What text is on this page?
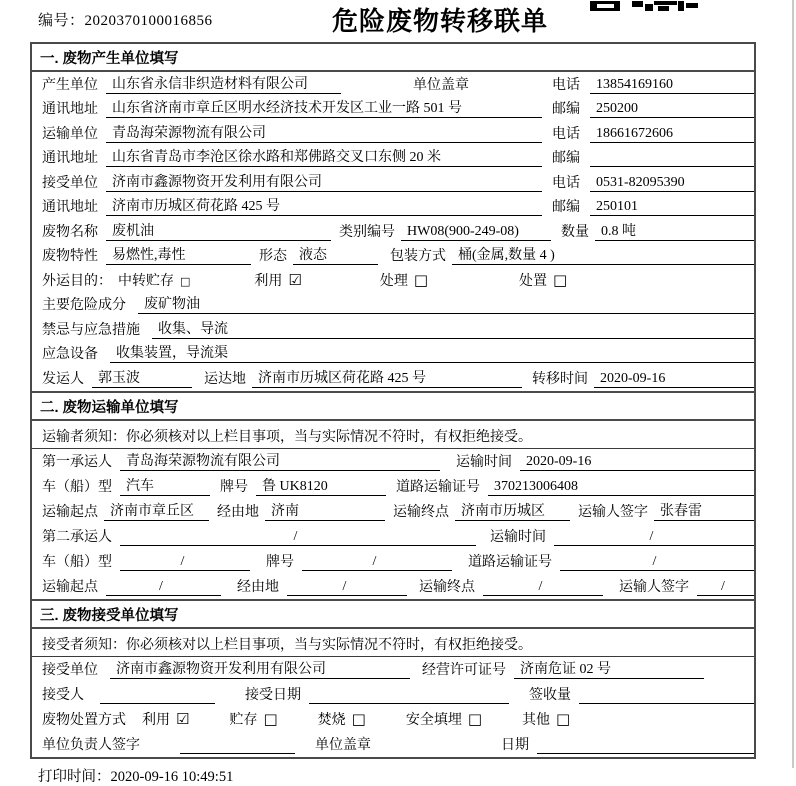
编号：2020370100016856	危险废物转移联单
一. 废物产生单位填写
产生单位	山东省永信非织造材料有限公司	单位盖章	电话	13854169160
通讯地址	山东省济南市章丘区明水经济技术开发区工业一路 501 号	邮编	250200
运输单位	青岛海荣源物流有限公司	电话	18661672606
通讯地址	山东省青岛市李沧区徐水路和郑佛路交叉口东侧 20 米	邮编
接受单位	济南市鑫源物资开发利用有限公司	电话	0531-82095390
通讯地址	济南市历城区荷花路 425 号	邮编	250101
废物名称	废机油	类别编号 HW08(900-249-08)	数量 0.8 吨
废物特性	易燃性,毒性	形态 液态	包装方式 桶(金属,数量 4 )
外运目的： 中转贮存 □	利用 ☑	处理 □	处置 □
主要危险成分	废矿物油
禁忌与应急措施	收集、导流
应急设备	收集装置，导流渠
发运人	郭玉波	运达地 济南市历城区荷花路 425 号	转移时间 2020-09-16
二. 废物运输单位填写
运输者须知：你必须核对以上栏目事项，当与实际情况不符时，有权拒绝接受。
第一承运人	青岛海荣源物流有限公司	运输时间	2020-09-16
车（船）型	汽车	牌号	鲁 UK8120	道路运输证号	370213006408
运输起点 济南市章丘区	经由地 济南	运输终点 济南市历城区	运输人签字 张春雷
第二承运人	/	运输时间	/
车（船）型	/	牌号	/	道路运输证号	/
运输起点	/	经由地	/	运输终点	/	运输人签字	/
三. 废物接受单位填写
接受者须知：你必须核对以上栏目事项，当与实际情况不符时，有权拒绝接受。
接受单位	济南市鑫源物资开发利用有限公司	经营许可证号	济南危证 02 号
接受人	接受日期	签收量
废物处置方式 利用 ☑	贮存 □	焚烧 □	安全填埋 □	其他 □
单位负责人签字	单位盖章	日期
打印时间：2020-09-16 10:49:51
